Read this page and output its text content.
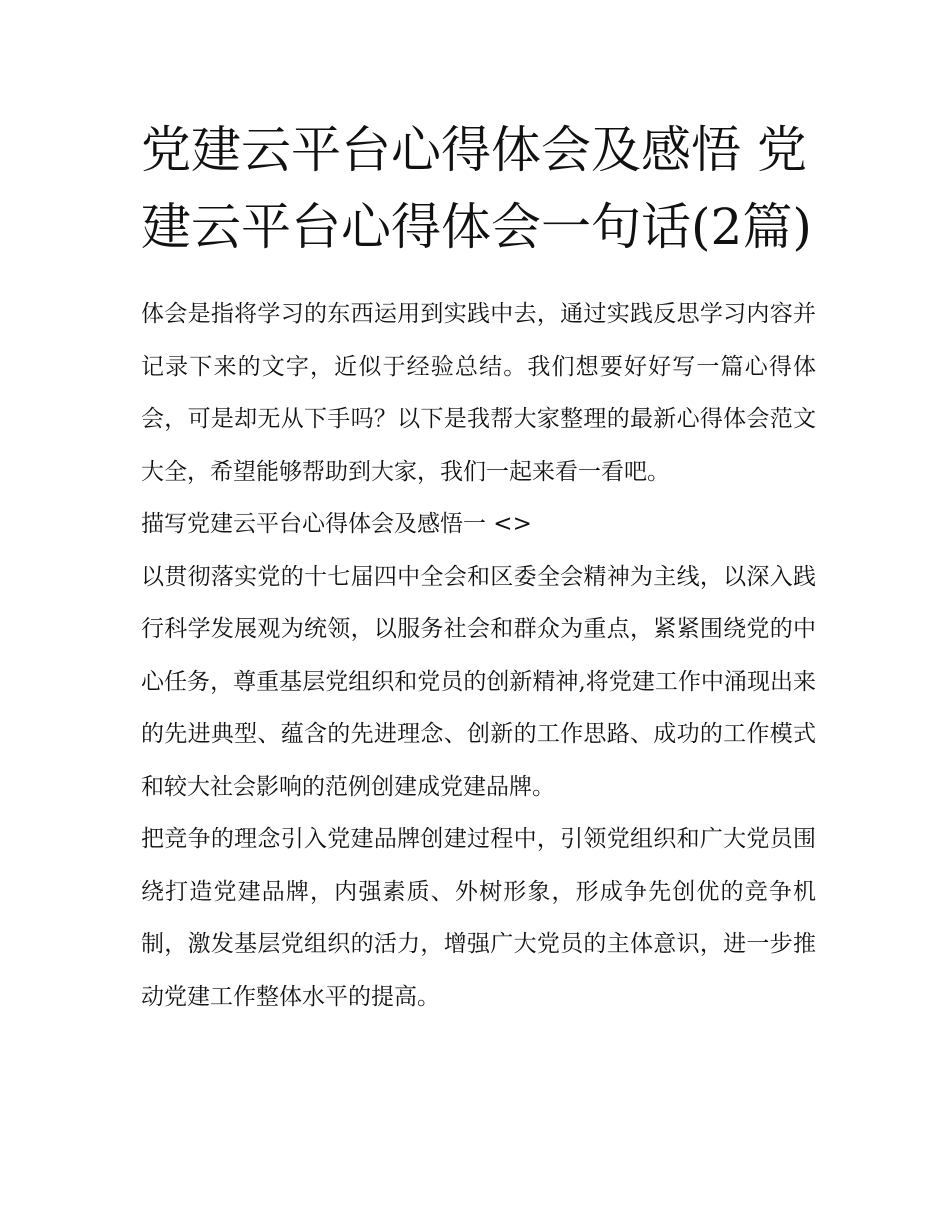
党建云平台心得体会及感悟 党建云平台心得体会一句话(2篇)

体会是指将学习的东西运用到实践中去，通过实践反思学习内容并记录下来的文字，近似于经验总结。我们想要好好写一篇心得体会，可是却无从下手吗？以下是我帮大家整理的最新心得体会范文大全，希望能够帮助到大家，我们一起来看一看吧。

描写党建云平台心得体会及感悟一 <>

以贯彻落实党的十七届四中全会和区委全会精神为主线，以深入践行科学发展观为统领，以服务社会和群众为重点，紧紧围绕党的中心任务，尊重基层党组织和党员的创新精神,将党建工作中涌现出来的先进典型、蕴含的先进理念、创新的工作思路、成功的工作模式和较大社会影响的范例创建成党建品牌。

把竞争的理念引入党建品牌创建过程中，引领党组织和广大党员围绕打造党建品牌，内强素质、外树形象，形成争先创优的竞争机制，激发基层党组织的活力，增强广大党员的主体意识，进一步推动党建工作整体水平的提高。
